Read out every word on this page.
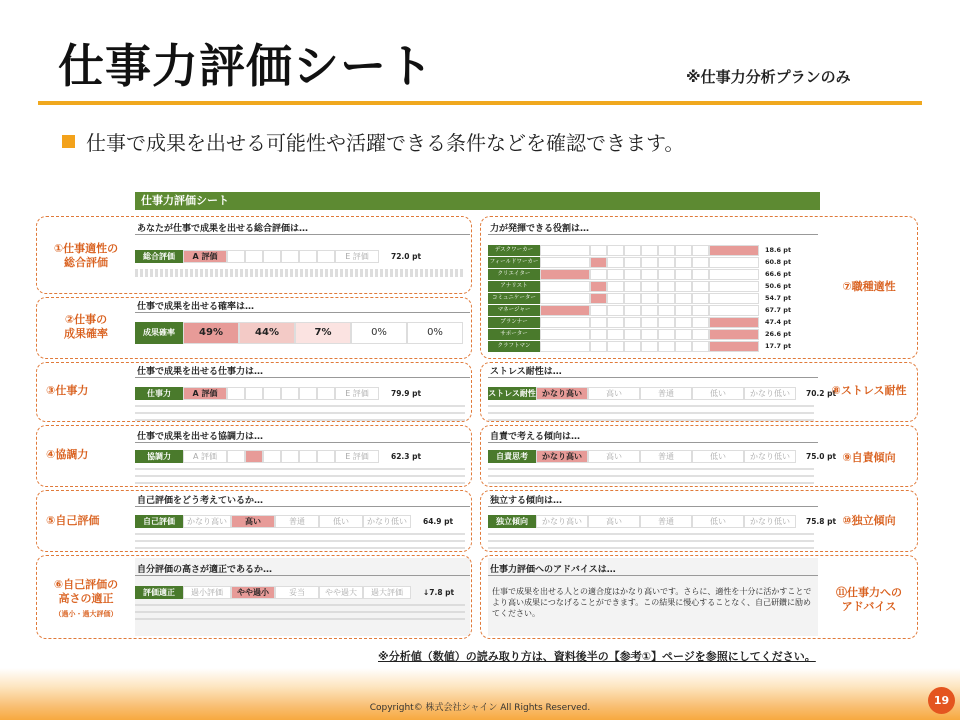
仕事力評価シート	※仕事力分析プランのみ
仕事で成果を出せる可能性や活躍できる条件などを確認できます。
仕事力評価シート
あなたが仕事で成果を出せる総合評価は…
総合評価	A 評価	E 評価	72.0 pt
仕事で成果を出せる確率は…
成果確率	49%	44%	7%	0%	0%
仕事で成果を出せる仕事力は…
仕事力	A 評価	E 評価	79.9 pt
仕事で成果を出せる協調力は…
協調力	A 評価	E 評価	62.3 pt
自己評価をどう考えているか…
自己評価	かなり高い	高い	普通	低い	かなり低い	64.9 pt
自分評価の高さが適正であるか…
評価適正	過小評価	やや過小	妥当	やや過大	過大評価	↓7.8 pt
力が発揮できる役割は…
デスクワーカー	18.6 pt
フィールドワーカー	60.8 pt
クリエイター	66.6 pt
アナリスト	50.6 pt
コミュニケーター	54.7 pt
マネージャー	67.7 pt
プランナー	47.4 pt
サポーター	26.6 pt
クラフトマン	17.7 pt
ストレス耐性は…
ストレス耐性 かなり高い	高い	普通	低い	かなり低い	70.2 pt
自責で考える傾向は…
自責思考	かなり高い	高い	普通	低い	かなり低い	75.0 pt
独立する傾向は…
独立傾向	かなり高い	高い	普通	低い	かなり低い	75.8 pt
仕事力評価へのアドバイスは…
仕事で成果を出せる人との適合度はかなり高いです。さらに、適性を十分に活かすことでより高い成果につなげることができます。この結果に慢心することなく、自己研鑽に励めてください。
①仕事適性の
総合評価
②仕事の
成果確率
③仕事力
④協調力
⑤自己評価
⑥自己評価の
高さの適正
（過小・過大評価）
⑦職種適性
⑧ストレス耐性
⑨自責傾向
⑩独立傾向
⑪仕事力への
アドバイス
※分析値（数値）の読み取り方は、資料後半の【参考①】ページを参照にしてください。
Copyright© 株式会社シャイン All Rights Reserved.
19
